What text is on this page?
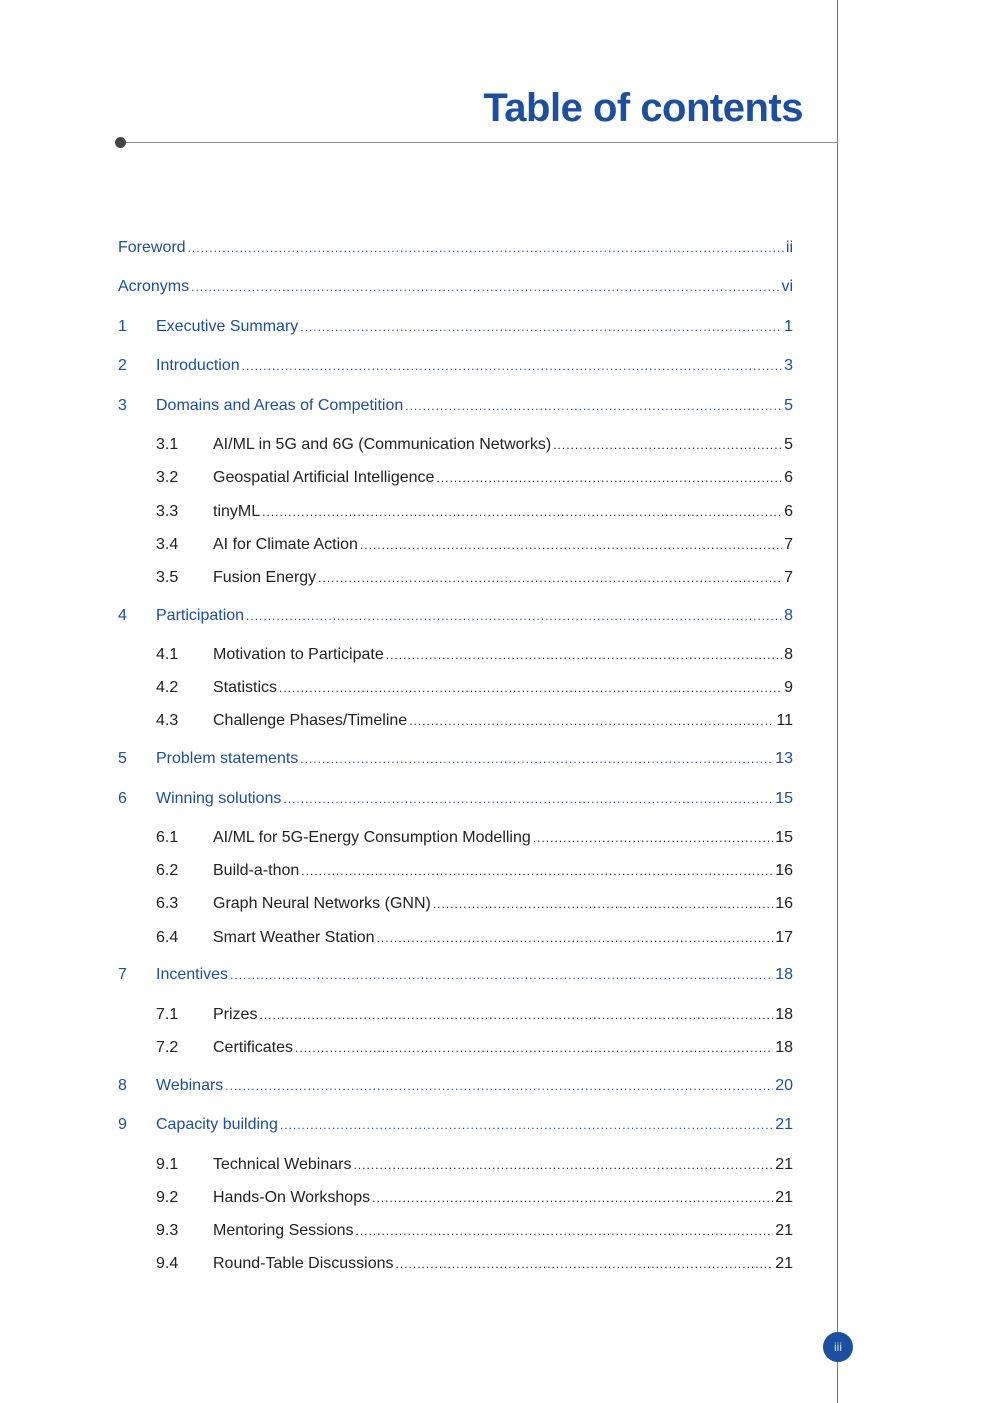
Table of contents
Foreword .....	ii
Acronyms .....	vi
1	Executive Summary .....	1
2	Introduction .....	3
3	Domains and Areas of Competition .....	5
3.1	AI/ML in 5G and 6G (Communication Networks) .....	5
3.2	Geospatial Artificial Intelligence .....	6
3.3	tinyML .....	6
3.4	AI for Climate Action .....	7
3.5	Fusion Energy .....	7
4	Participation .....	8
4.1	Motivation to Participate .....	8
4.2	Statistics .....	9
4.3	Challenge Phases/Timeline .....	11
5	Problem statements .....	13
6	Winning solutions .....	15
6.1	AI/ML for 5G-Energy Consumption Modelling .....	15
6.2	Build-a-thon .....	16
6.3	Graph Neural Networks (GNN) .....	16
6.4	Smart Weather Station .....	17
7	Incentives .....	18
7.1	Prizes .....	18
7.2	Certificates .....	18
8	Webinars .....	20
9	Capacity building .....	21
9.1	Technical Webinars .....	21
9.2	Hands-On Workshops .....	21
9.3	Mentoring Sessions .....	21
9.4	Round-Table Discussions .....	21
iii
